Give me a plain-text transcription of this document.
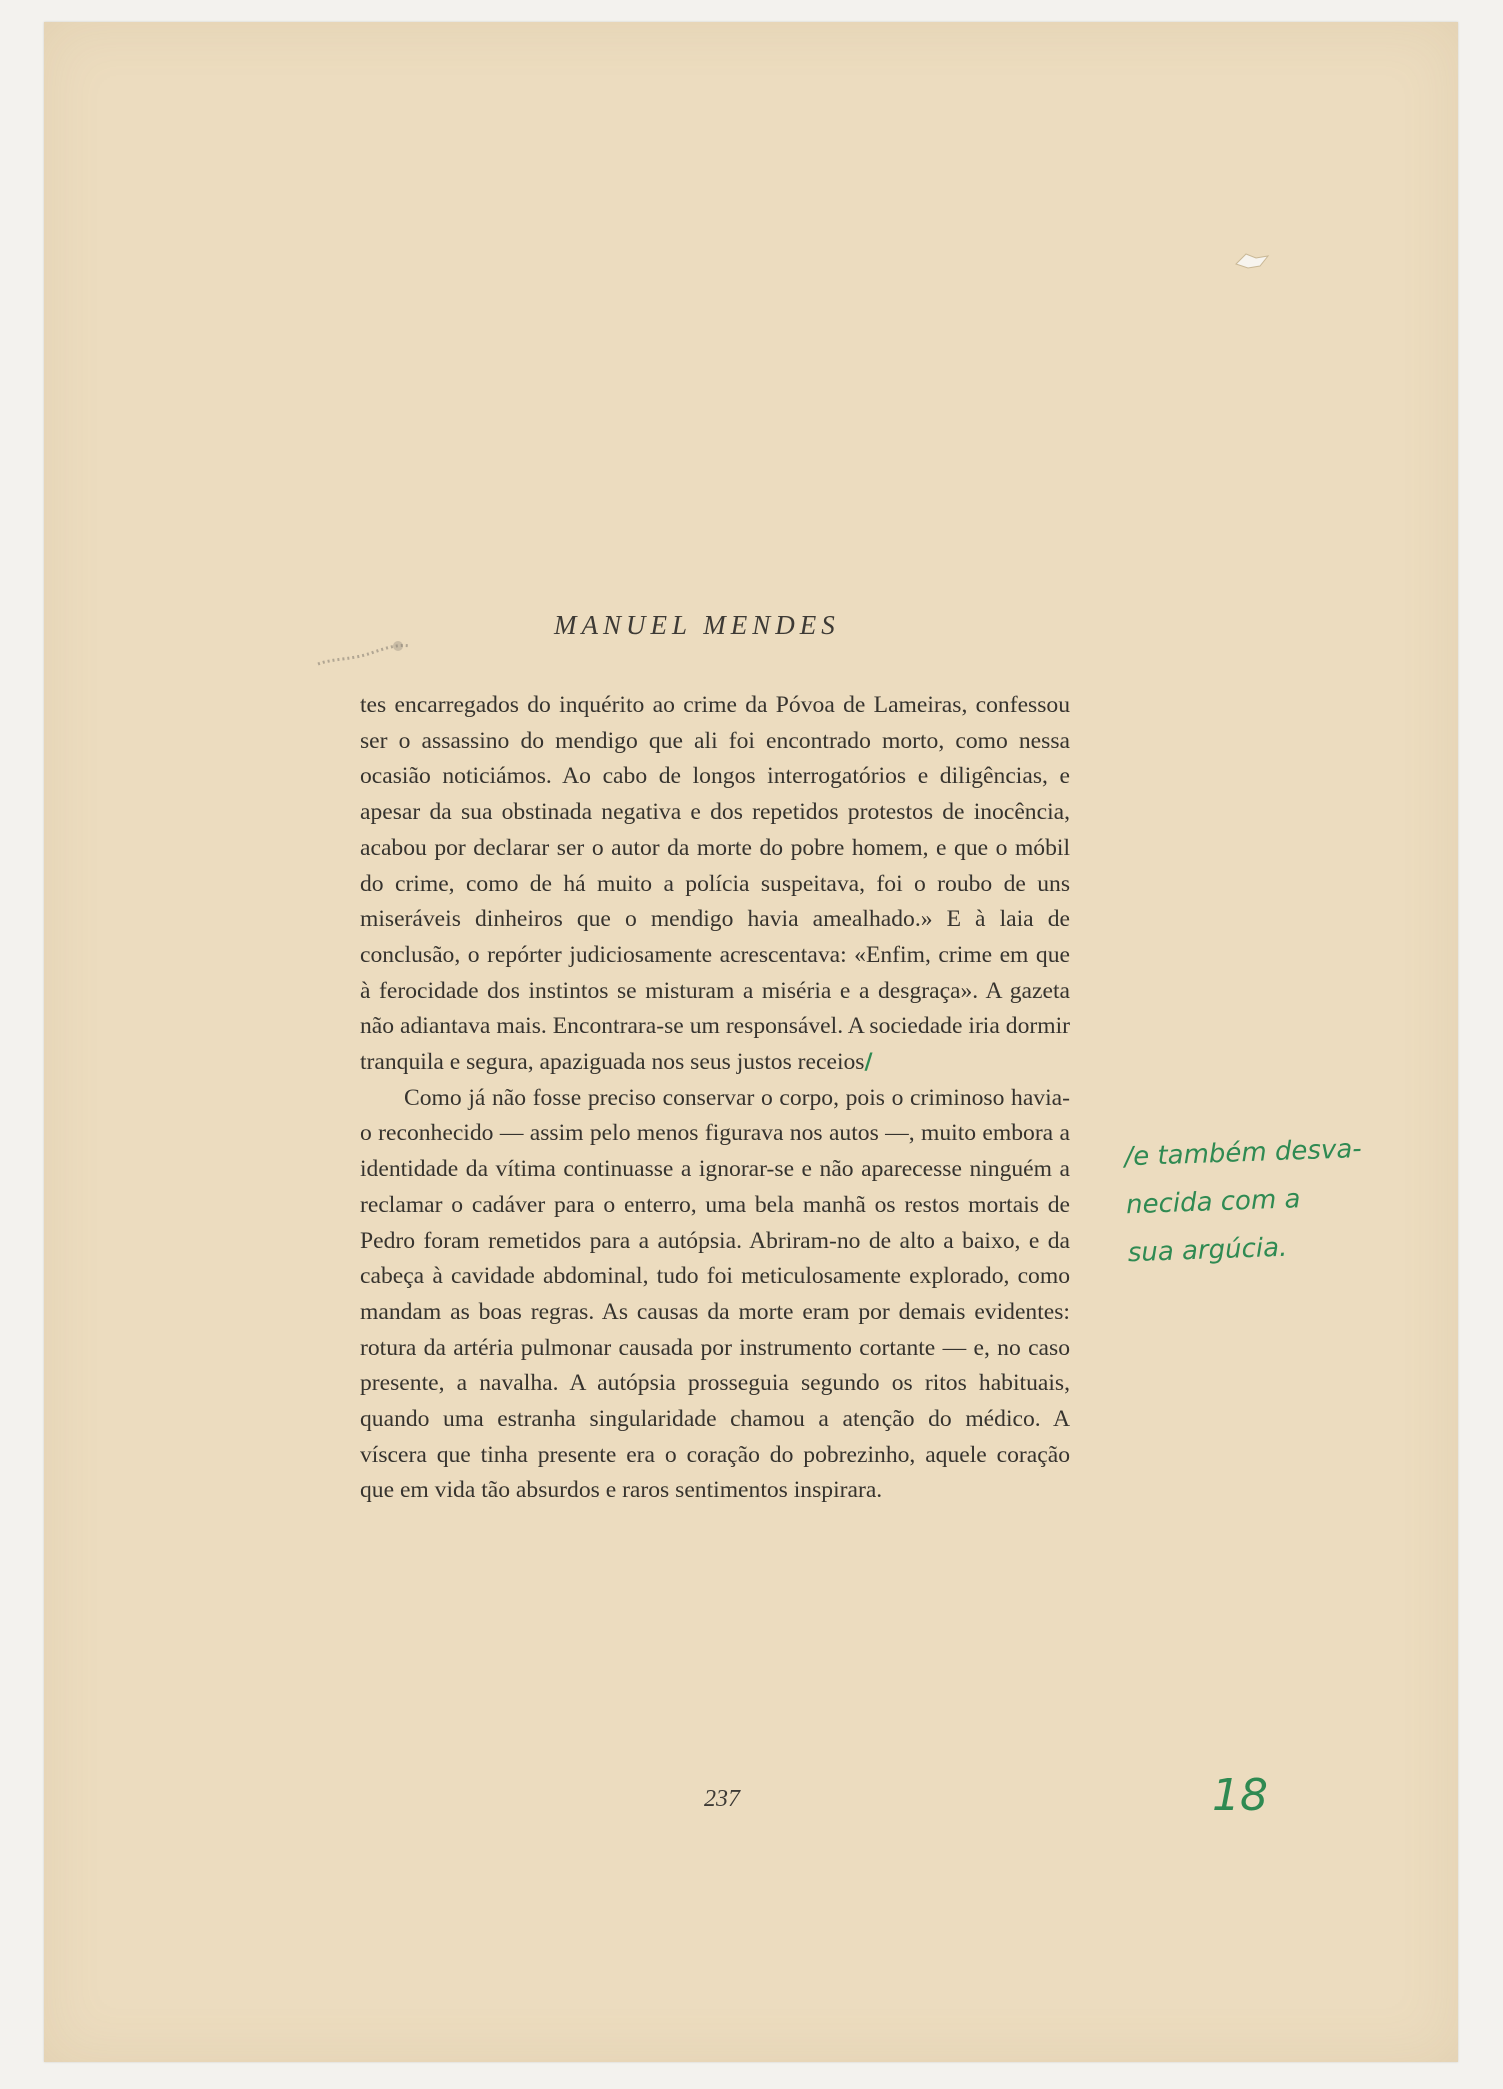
MANUEL MENDES

tes encarregados do inquérito ao crime da Póvoa de Lameiras, confessou ser o assassino do mendigo que ali foi encontrado morto, como nessa ocasião noticiámos. Ao cabo de longos interrogatórios e diligências, e apesar da sua obstinada negativa e dos repetidos protestos de inocência, acabou por declarar ser o autor da morte do pobre homem, e que o móbil do crime, como de há muito a polícia suspeitava, foi o roubo de uns miseráveis dinheiros que o mendigo havia amealhado.» E à laia de conclusão, o repórter judiciosamente acrescentava: «Enfim, crime em que à ferocidade dos instintos se misturam a miséria e a desgraça». A gazeta não adiantava mais. Encontrara-se um responsável. A sociedade iria dormir tranquila e segura, apaziguada nos seus justos receios/

Como já não fosse preciso conservar o corpo, pois o criminoso havia-o reconhecido — assim pelo menos figurava nos autos —, muito embora a identidade da vítima continuasse a ignorar-se e não aparecesse ninguém a reclamar o cadáver para o enterro, uma bela manhã os restos mortais de Pedro foram remetidos para a autópsia. Abriram-no de alto a baixo, e da cabeça à cavidade abdominal, tudo foi meticulosamente explorado, como mandam as boas regras. As causas da morte eram por demais evidentes: rotura da artéria pulmonar causada por instrumento cortante — e, no caso presente, a navalha. A autópsia prosseguia segundo os ritos habituais, quando uma estranha singularidade chamou a atenção do médico. A víscera que tinha presente era o coração do pobrezinho, aquele coração que em vida tão absurdos e raros sentimentos inspirara.

237
/e também desva-
necida com a
sua argúcia.
18
